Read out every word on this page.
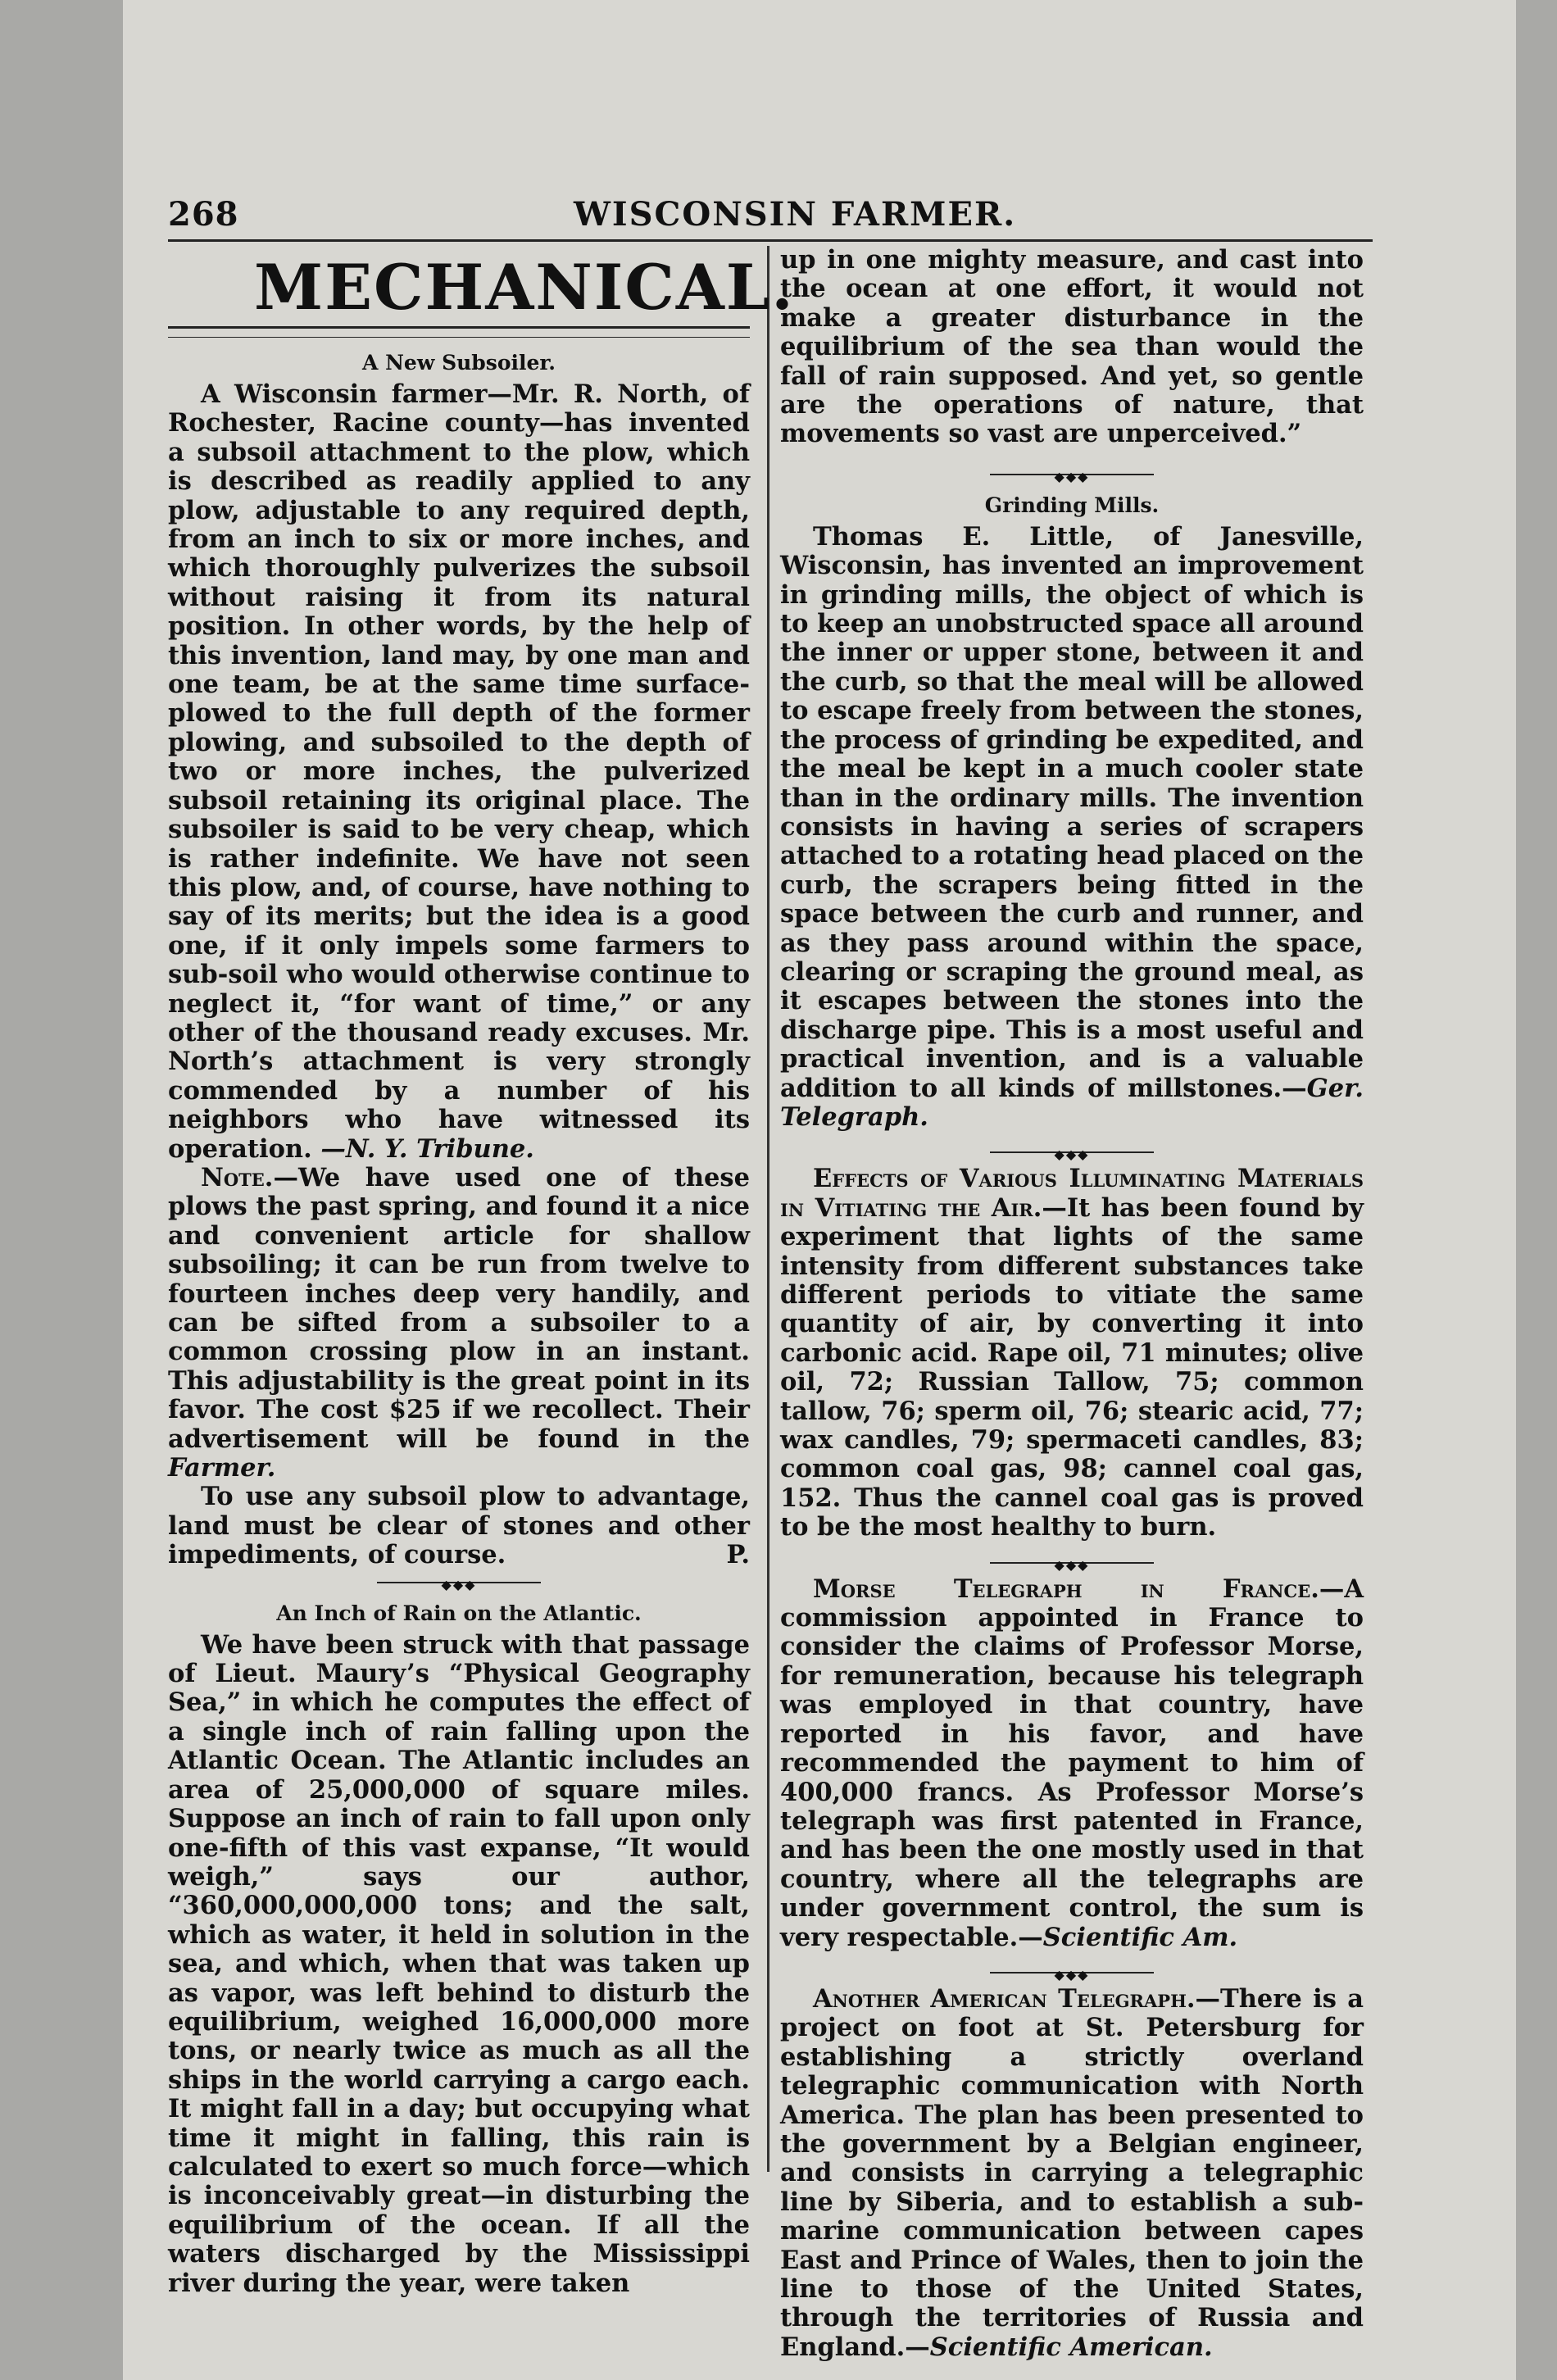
268	WISCONSIN FARMER.
MECHANICAL.
A New Subsoiler.

A Wisconsin farmer—Mr. R. North, of Rochester, Racine county—has invented a subsoil attachment to the plow, which is described as readily applied to any plow, adjustable to any required depth, from an inch to six or more inches, and which thoroughly pulverizes the subsoil without raising it from its natural position. In other words, by the help of this invention, land may, by one man and one team, be at the same time surface-plowed to the full depth of the former plowing, and subsoiled to the depth of two or more inches, the pulverized subsoil retaining its original place. The subsoiler is said to be very cheap, which is rather indefinite. We have not seen this plow, and, of course, have nothing to say of its merits; but the idea is a good one, if it only impels some farmers to sub-soil who would otherwise continue to neglect it, “for want of time,” or any other of the thousand ready excuses. Mr. North’s attachment is very strongly commended by a number of his neighbors who have witnessed its operation. —N. Y. Tribune.

Note.—We have used one of these plows the past spring, and found it a nice and convenient article for shallow subsoiling; it can be run from twelve to fourteen inches deep very handily, and can be sifted from a subsoiler to a common crossing plow in an instant. This adjustability is the great point in its favor. The cost $25 if we recollect. Their advertisement will be found in the Farmer.

To use any subsoil plow to advantage, land must be clear of stones and other impediments, of course.	P.

◆◆◆
An Inch of Rain on the Atlantic.

We have been struck with that passage of Lieut. Maury’s “Physical Geography Sea,” in which he computes the effect of a single inch of rain falling upon the Atlantic Ocean. The Atlantic includes an area of 25,000,000 of square miles. Suppose an inch of rain to fall upon only one-fifth of this vast expanse, “It would weigh,” says our author, “360,000,000,000 tons; and the salt, which as water, it held in solution in the sea, and which, when that was taken up as vapor, was left behind to disturb the equilibrium, weighed 16,000,000 more tons, or nearly twice as much as all the ships in the world carrying a cargo each. It might fall in a day; but occupying what time it might in falling, this rain is calculated to exert so much force—which is inconceivably great—in disturbing the equilibrium of the ocean. If all the waters discharged by the Mississippi river during the year, were taken

up in one mighty measure, and cast into the ocean at one effort, it would not make a greater disturbance in the equilibrium of the sea than would the fall of rain supposed. And yet, so gentle are the operations of nature, that movements so vast are unperceived.”

◆◆◆
Grinding Mills.

Thomas E. Little, of Janesville, Wisconsin, has invented an improvement in grinding mills, the object of which is to keep an unobstructed space all around the inner or upper stone, between it and the curb, so that the meal will be allowed to escape freely from between the stones, the process of grinding be expedited, and the meal be kept in a much cooler state than in the ordinary mills. The invention consists in having a series of scrapers attached to a rotating head placed on the curb, the scrapers being fitted in the space between the curb and runner, and as they pass around within the space, clearing or scraping the ground meal, as it escapes between the stones into the discharge pipe. This is a most useful and practical invention, and is a valuable addition to all kinds of millstones.—Ger. Telegraph.

◆◆◆

Effects of Various Illuminating Materials in Vitiating the Air.—It has been found by experiment that lights of the same intensity from different substances take different periods to vitiate the same quantity of air, by converting it into carbonic acid. Rape oil, 71 minutes; olive oil, 72; Russian Tallow, 75; common tallow, 76; sperm oil, 76; stearic acid, 77; wax candles, 79; spermaceti candles, 83; common coal gas, 98; cannel coal gas, 152. Thus the cannel coal gas is proved to be the most healthy to burn.

◆◆◆

Morse Telegraph in France.—A commission appointed in France to consider the claims of Professor Morse, for remuneration, because his telegraph was employed in that country, have reported in his favor, and have recommended the payment to him of 400,000 francs. As Professor Morse’s telegraph was first patented in France, and has been the one mostly used in that country, where all the telegraphs are under government control, the sum is very respectable.—Scientific Am.

◆◆◆

Another American Telegraph.—There is a project on foot at St. Petersburg for establishing a strictly overland telegraphic communication with North America. The plan has been presented to the government by a Belgian engineer, and consists in carrying a telegraphic line by Siberia, and to establish a sub-marine communication between capes East and Prince of Wales, then to join the line to those of the United States, through the territories of Russia and England.—Scientific American.
